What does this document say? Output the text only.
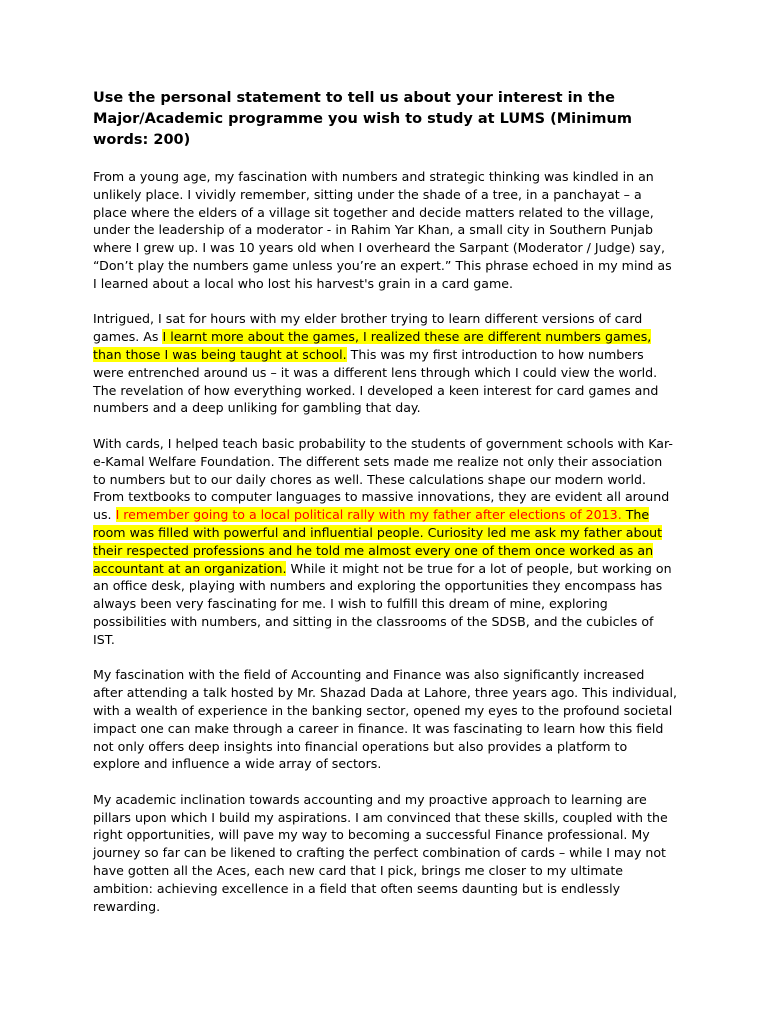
Use the personal statement to tell us about your interest in the Major/Academic programme you wish to study at LUMS (Minimum words: 200)

From a young age, my fascination with numbers and strategic thinking was kindled in an unlikely place. I vividly remember, sitting under the shade of a tree, in a panchayat – a place where the elders of a village sit together and decide matters related to the village, under the leadership of a moderator - in Rahim Yar Khan, a small city in Southern Punjab where I grew up. I was 10 years old when I overheard the Sarpant (Moderator / Judge) say, “Don’t play the numbers game unless you’re an expert.” This phrase echoed in my mind as I learned about a local who lost his harvest's grain in a card game.

Intrigued, I sat for hours with my elder brother trying to learn different versions of card games. As I learnt more about the games, I realized these are different numbers games, than those I was being taught at school. This was my first introduction to how numbers were entrenched around us – it was a different lens through which I could view the world. The revelation of how everything worked. I developed a keen interest for card games and numbers and a deep unliking for gambling that day.

With cards, I helped teach basic probability to the students of government schools with Kar-e-Kamal Welfare Foundation. The different sets made me realize not only their association to numbers but to our daily chores as well. These calculations shape our modern world. From textbooks to computer languages to massive innovations, they are evident all around us. I remember going to a local political rally with my father after elections of 2013. The room was filled with powerful and influential people. Curiosity led me ask my father about their respected professions and he told me almost every one of them once worked as an accountant at an organization. While it might not be true for a lot of people, but working on an office desk, playing with numbers and exploring the opportunities they encompass has always been very fascinating for me. I wish to fulfill this dream of mine, exploring possibilities with numbers, and sitting in the classrooms of the SDSB, and the cubicles of IST.

My fascination with the field of Accounting and Finance was also significantly increased after attending a talk hosted by Mr. Shazad Dada at Lahore, three years ago. This individual, with a wealth of experience in the banking sector, opened my eyes to the profound societal impact one can make through a career in finance. It was fascinating to learn how this field not only offers deep insights into financial operations but also provides a platform to explore and influence a wide array of sectors.

My academic inclination towards accounting and my proactive approach to learning are pillars upon which I build my aspirations. I am convinced that these skills, coupled with the right opportunities, will pave my way to becoming a successful Finance professional. My journey so far can be likened to crafting the perfect combination of cards – while I may not have gotten all the Aces, each new card that I pick, brings me closer to my ultimate ambition: achieving excellence in a field that often seems daunting but is endlessly rewarding.
